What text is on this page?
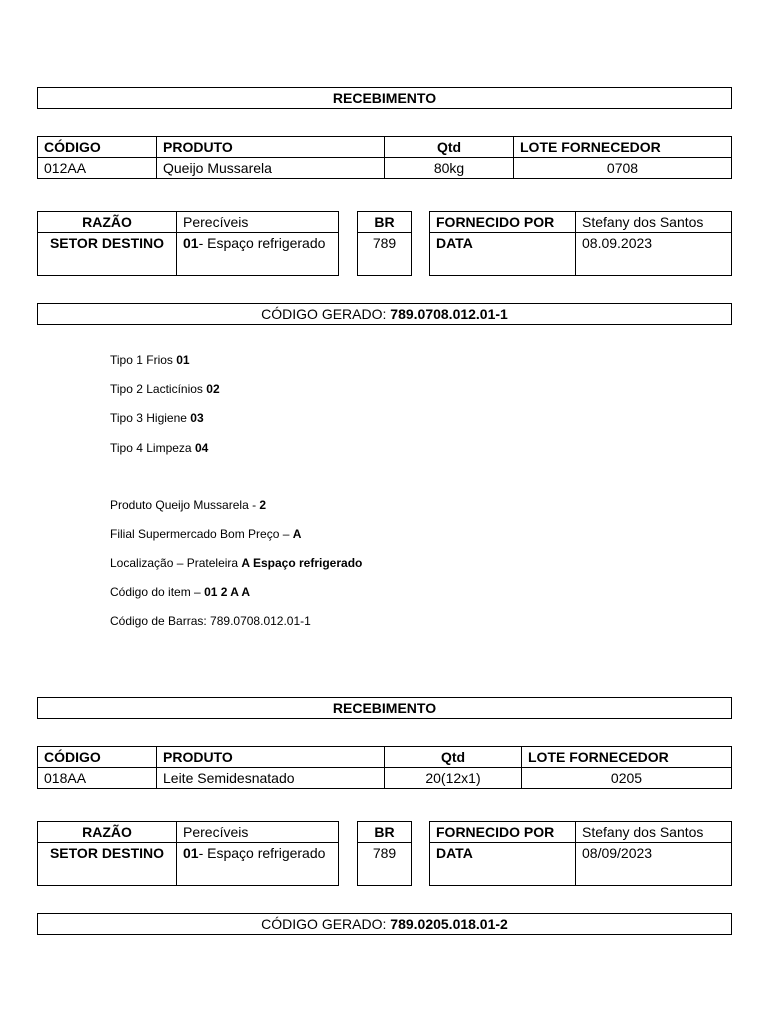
RECEBIMENTO
CÓDIGO	PRODUTO	Qtd	LOTE FORNECEDOR
012AA	Queijo Mussarela	80kg	0708
RAZÃO	Perecíveis
SETOR DESTINO	01- Espaço refrigerado
BR
789
FORNECIDO POR	Stefany dos Santos
DATA	08.09.2023
CÓDIGO GERADO: 789.0708.012.01-1

Tipo 1 Frios 01

Tipo 2 Lacticínios 02

Tipo 3 Higiene 03

Tipo 4 Limpeza 04

Produto Queijo Mussarela - 2

Filial Supermercado Bom Preço – A

Localização – Prateleira A Espaço refrigerado

Código do item – 01 2 A A

Código de Barras: 789.0708.012.01-1

RECEBIMENTO
CÓDIGO	PRODUTO	Qtd	LOTE FORNECEDOR
018AA	Leite Semidesnatado	20(12x1)	0205
RAZÃO	Perecíveis
SETOR DESTINO	01- Espaço refrigerado
BR
789
FORNECIDO POR	Stefany dos Santos
DATA	08/09/2023
CÓDIGO GERADO: 789.0205.018.01-2
